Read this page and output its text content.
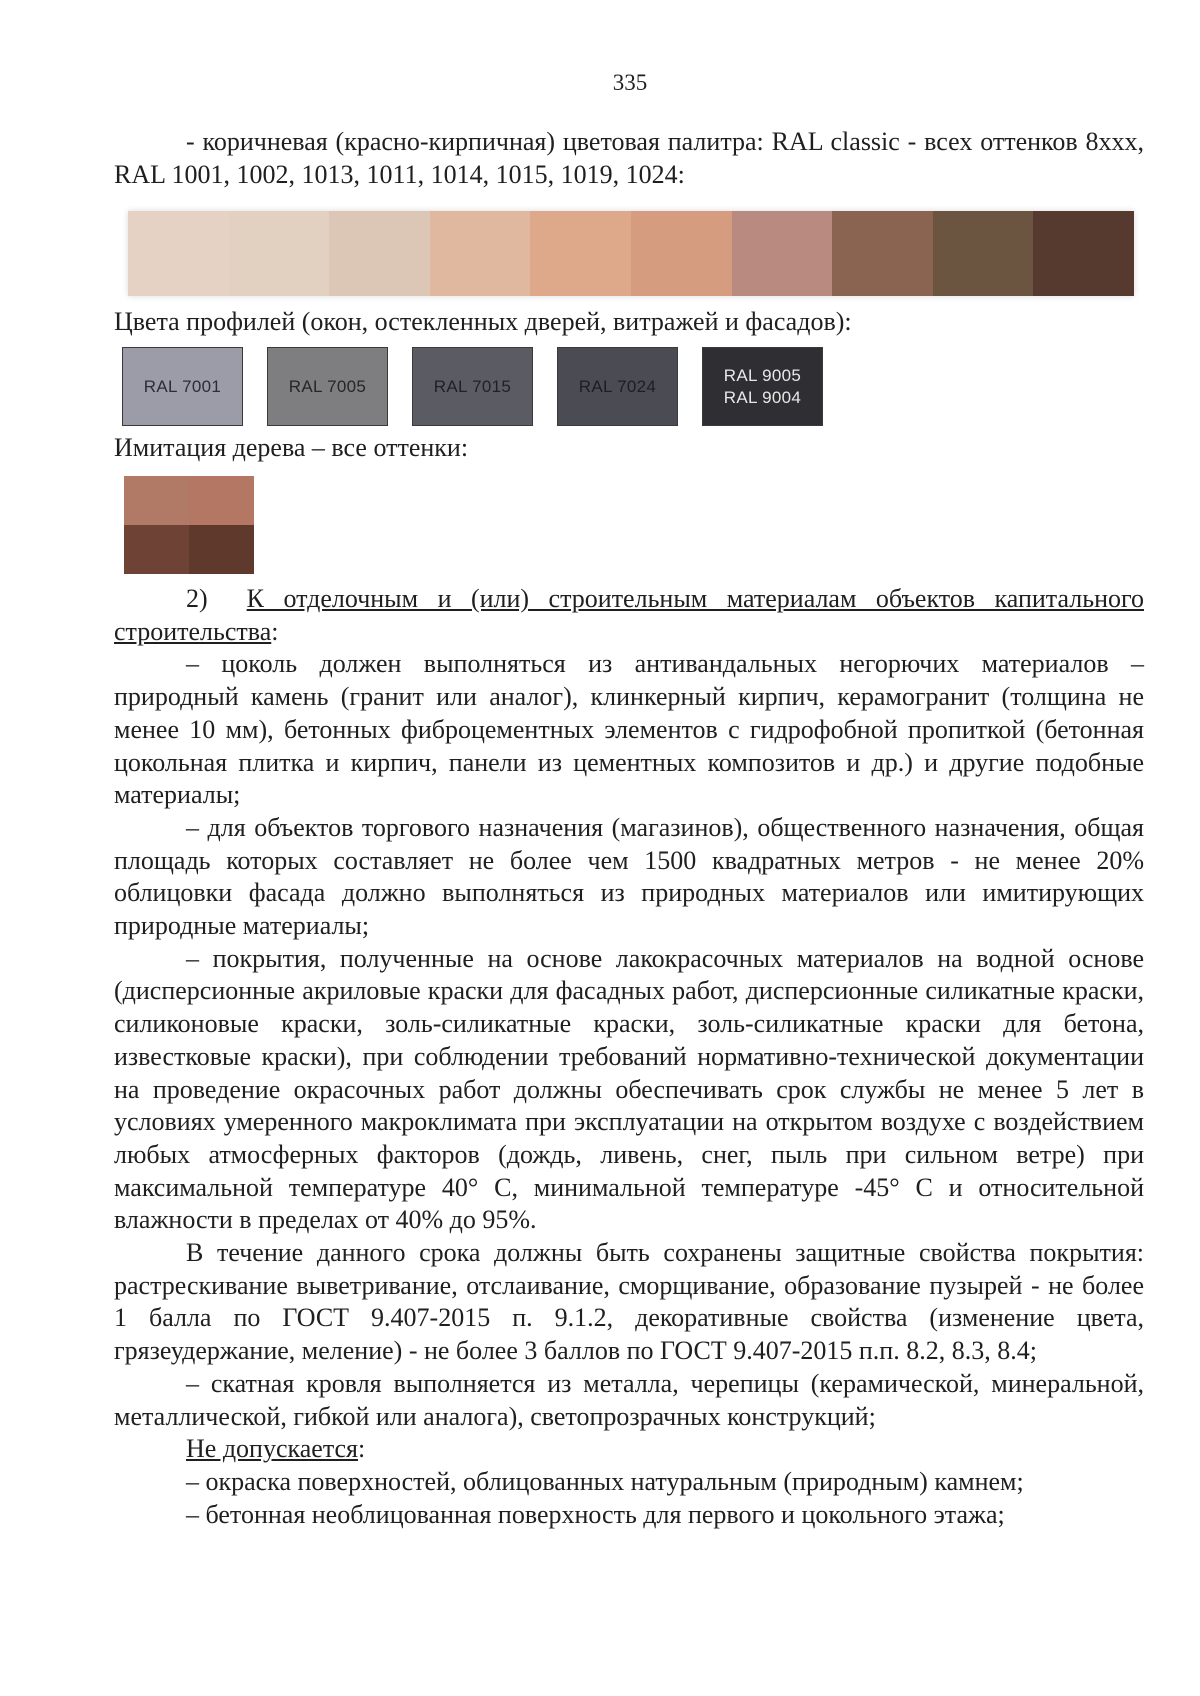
335
- коричневая (красно-кирпичная) цветовая палитра: RAL classic - всех оттенков 8ххх, RAL 1001, 1002, 1013, 1011, 1014, 1015, 1019, 1024:
Цвета профилей (окон, остекленных дверей, витражей и фасадов):
RAL 7001	RAL 7005	RAL 7015	RAL 7024
RAL 9005
RAL 9004
Имитация дерева – все оттенки:

2) К отделочным и (или) строительным материалам объектов капитального строительства:

– цоколь должен выполняться из антивандальных негорючих материалов – природный камень (гранит или аналог), клинкерный кирпич, керамогранит (толщина не менее 10 мм), бетонных фиброцементных элементов с гидрофобной пропиткой (бетонная цокольная плитка и кирпич, панели из цементных композитов и др.) и другие подобные материалы;

– для объектов торгового назначения (магазинов), общественного назначения, общая площадь которых составляет не более чем 1500 квадратных метров - не менее 20% облицовки фасада должно выполняться из природных материалов или имитирующих природные материалы;

– покрытия, полученные на основе лакокрасочных материалов на водной основе (дисперсионные акриловые краски для фасадных работ, дисперсионные силикатные краски, силиконовые краски, золь-силикатные краски, золь-силикатные краски для бетона, известковые краски), при соблюдении требований нормативно-технической документации на проведение окрасочных работ должны обеспечивать срок службы не менее 5 лет в условиях умеренного макроклимата при эксплуатации на открытом воздухе с воздействием любых атмосферных факторов (дождь, ливень, снег, пыль при сильном ветре) при максимальной температуре 40° С, минимальной температуре -45° С и относительной влажности в пределах от 40% до 95%.

В течение данного срока должны быть сохранены защитные свойства покрытия: растрескивание выветривание, отслаивание, сморщивание, образование пузырей - не более 1 балла по ГОСТ 9.407-2015 п. 9.1.2, декоративные свойства (изменение цвета, грязеудержание, меление) - не более 3 баллов по ГОСТ 9.407-2015 п.п. 8.2, 8.3, 8.4;

– скатная кровля выполняется из металла, черепицы (керамической, минеральной, металлической, гибкой или аналога), светопрозрачных конструкций;

Не допускается:

– окраска поверхностей, облицованных натуральным (природным) камнем;

– бетонная необлицованная поверхность для первого и цокольного этажа;
